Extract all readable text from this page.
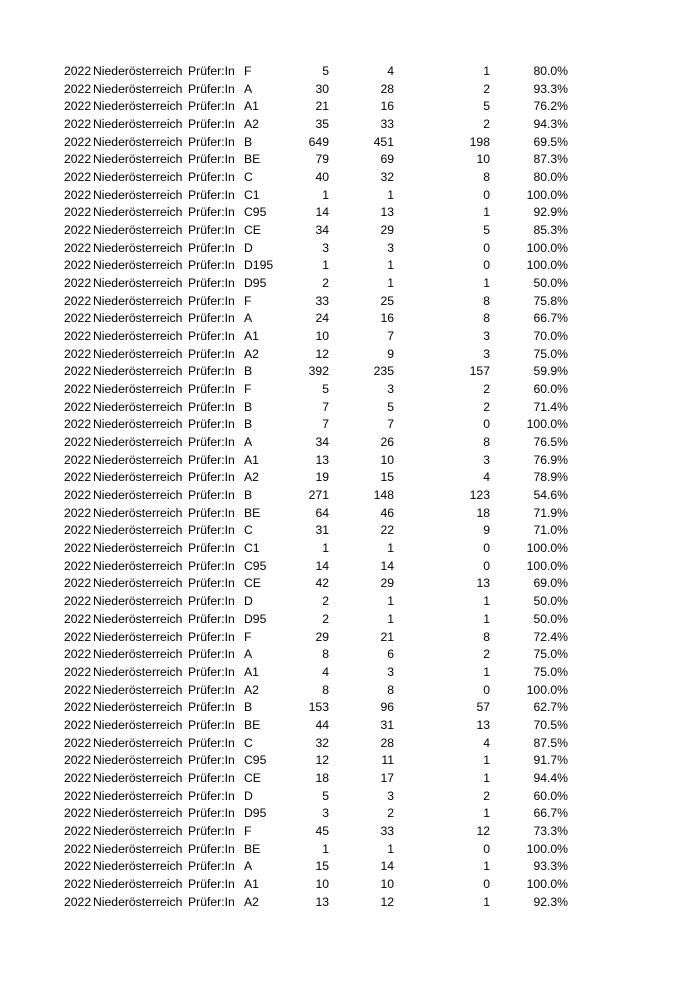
2022 Niederösterreich Prüfer:In F	5	4	1	80.0%
2022 Niederösterreich Prüfer:In A	30	28	2	93.3%
2022 Niederösterreich Prüfer:In A1	21	16	5	76.2%
2022 Niederösterreich Prüfer:In A2	35	33	2	94.3%
2022 Niederösterreich Prüfer:In B	649	451	198	69.5%
2022 Niederösterreich Prüfer:In BE	79	69	10	87.3%
2022 Niederösterreich Prüfer:In C	40	32	8	80.0%
2022 Niederösterreich Prüfer:In C1	1	1	0	100.0%
2022 Niederösterreich Prüfer:In C95	14	13	1	92.9%
2022 Niederösterreich Prüfer:In CE	34	29	5	85.3%
2022 Niederösterreich Prüfer:In D	3	3	0	100.0%
2022 Niederösterreich Prüfer:In D195	1	1	0	100.0%
2022 Niederösterreich Prüfer:In D95	2	1	1	50.0%
2022 Niederösterreich Prüfer:In F	33	25	8	75.8%
2022 Niederösterreich Prüfer:In A	24	16	8	66.7%
2022 Niederösterreich Prüfer:In A1	10	7	3	70.0%
2022 Niederösterreich Prüfer:In A2	12	9	3	75.0%
2022 Niederösterreich Prüfer:In B	392	235	157	59.9%
2022 Niederösterreich Prüfer:In F	5	3	2	60.0%
2022 Niederösterreich Prüfer:In B	7	5	2	71.4%
2022 Niederösterreich Prüfer:In B	7	7	0	100.0%
2022 Niederösterreich Prüfer:In A	34	26	8	76.5%
2022 Niederösterreich Prüfer:In A1	13	10	3	76.9%
2022 Niederösterreich Prüfer:In A2	19	15	4	78.9%
2022 Niederösterreich Prüfer:In B	271	148	123	54.6%
2022 Niederösterreich Prüfer:In BE	64	46	18	71.9%
2022 Niederösterreich Prüfer:In C	31	22	9	71.0%
2022 Niederösterreich Prüfer:In C1	1	1	0	100.0%
2022 Niederösterreich Prüfer:In C95	14	14	0	100.0%
2022 Niederösterreich Prüfer:In CE	42	29	13	69.0%
2022 Niederösterreich Prüfer:In D	2	1	1	50.0%
2022 Niederösterreich Prüfer:In D95	2	1	1	50.0%
2022 Niederösterreich Prüfer:In F	29	21	8	72.4%
2022 Niederösterreich Prüfer:In A	8	6	2	75.0%
2022 Niederösterreich Prüfer:In A1	4	3	1	75.0%
2022 Niederösterreich Prüfer:In A2	8	8	0	100.0%
2022 Niederösterreich Prüfer:In B	153	96	57	62.7%
2022 Niederösterreich Prüfer:In BE	44	31	13	70.5%
2022 Niederösterreich Prüfer:In C	32	28	4	87.5%
2022 Niederösterreich Prüfer:In C95	12	11	1	91.7%
2022 Niederösterreich Prüfer:In CE	18	17	1	94.4%
2022 Niederösterreich Prüfer:In D	5	3	2	60.0%
2022 Niederösterreich Prüfer:In D95	3	2	1	66.7%
2022 Niederösterreich Prüfer:In F	45	33	12	73.3%
2022 Niederösterreich Prüfer:In BE	1	1	0	100.0%
2022 Niederösterreich Prüfer:In A	15	14	1	93.3%
2022 Niederösterreich Prüfer:In A1	10	10	0	100.0%
2022 Niederösterreich Prüfer:In A2	13	12	1	92.3%
